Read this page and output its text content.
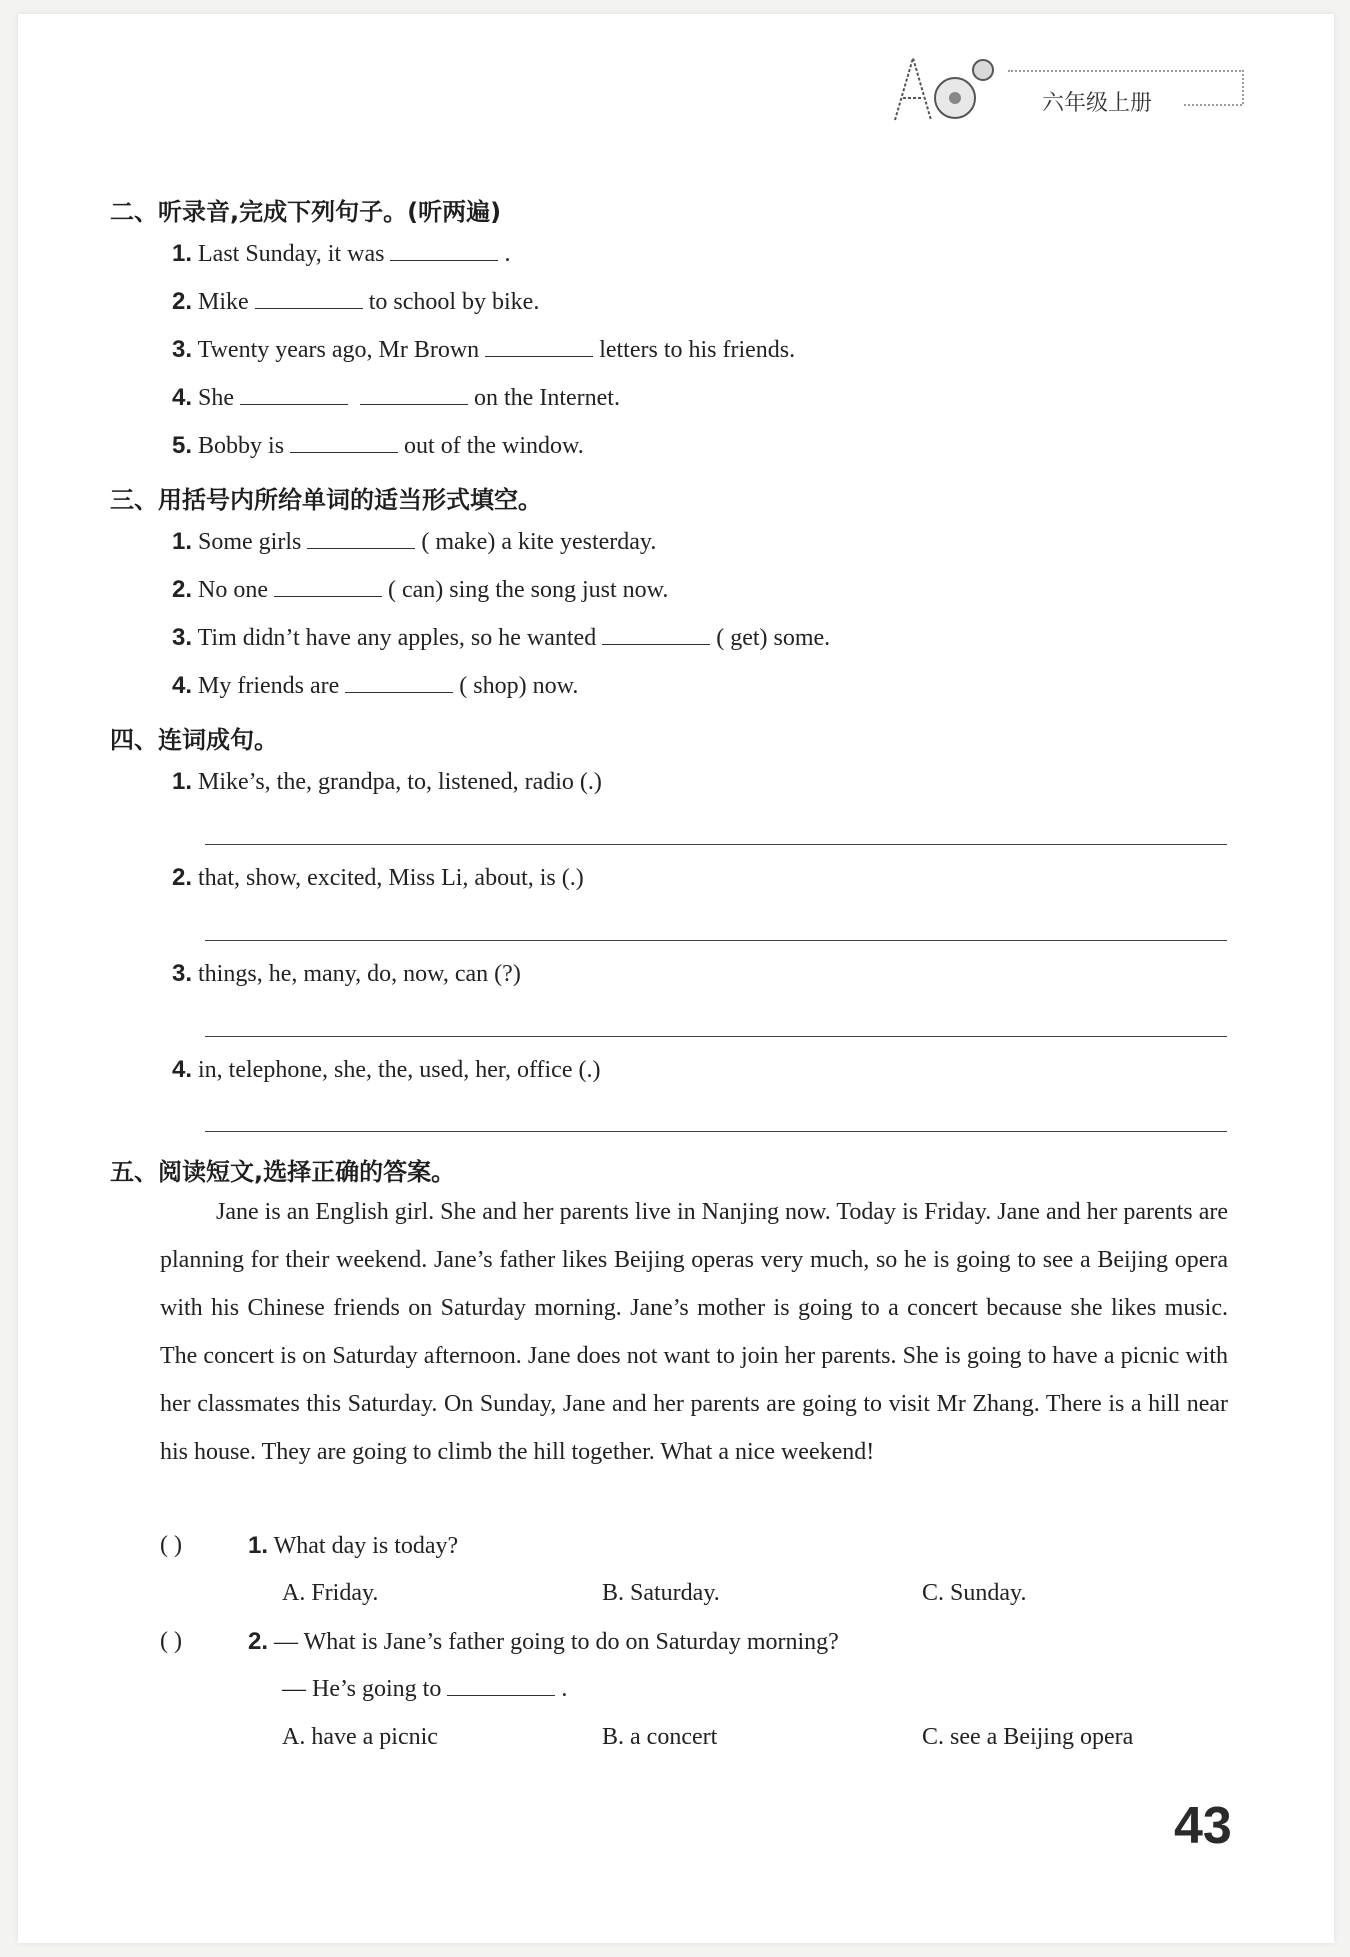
六年级上册
二、听录音,完成下列句子。(听两遍)
1. Last Sunday, it was	.
2. Mike	to school by bike.
3. Twenty years ago, Mr Brown	letters to his friends.
4. She	on the Internet.
5. Bobby is	out of the window.
三、用括号内所给单词的适当形式填空。
1. Some girls	( make) a kite yesterday.
2. No one	( can) sing the song just now.
3. Tim didn’t have any apples, so he wanted	( get) some.
4. My friends are	( shop) now.
四、连词成句。
1. Mike’s, the, grandpa, to, listened, radio (.)
2. that, show, excited, Miss Li, about, is (.)
3. things, he, many, do, now, can (?)
4. in, telephone, she, the, used, her, office (.)
五、阅读短文,选择正确的答案。

Jane is an English girl. She and her parents live in Nanjing now. Today is Friday. Jane and her parents are planning for their weekend. Jane’s father likes Beijing operas very much, so he is going to see a Beijing opera with his Chinese friends on Saturday morning. Jane’s mother is going to a concert because she likes music. The concert is on Saturday afternoon. Jane does not want to join her parents. She is going to have a picnic with her classmates this Saturday. On Sunday, Jane and her parents are going to visit Mr Zhang. There is a hill near his house. They are going to climb the hill together. What a nice weekend!

( )	1. What day is today?
A. Friday.	B. Saturday.	C. Sunday.
( )	2. — What is Jane’s father going to do on Saturday morning?
— He’s going to	.
A. have a picnic	B. a concert	C. see a Beijing opera
43
